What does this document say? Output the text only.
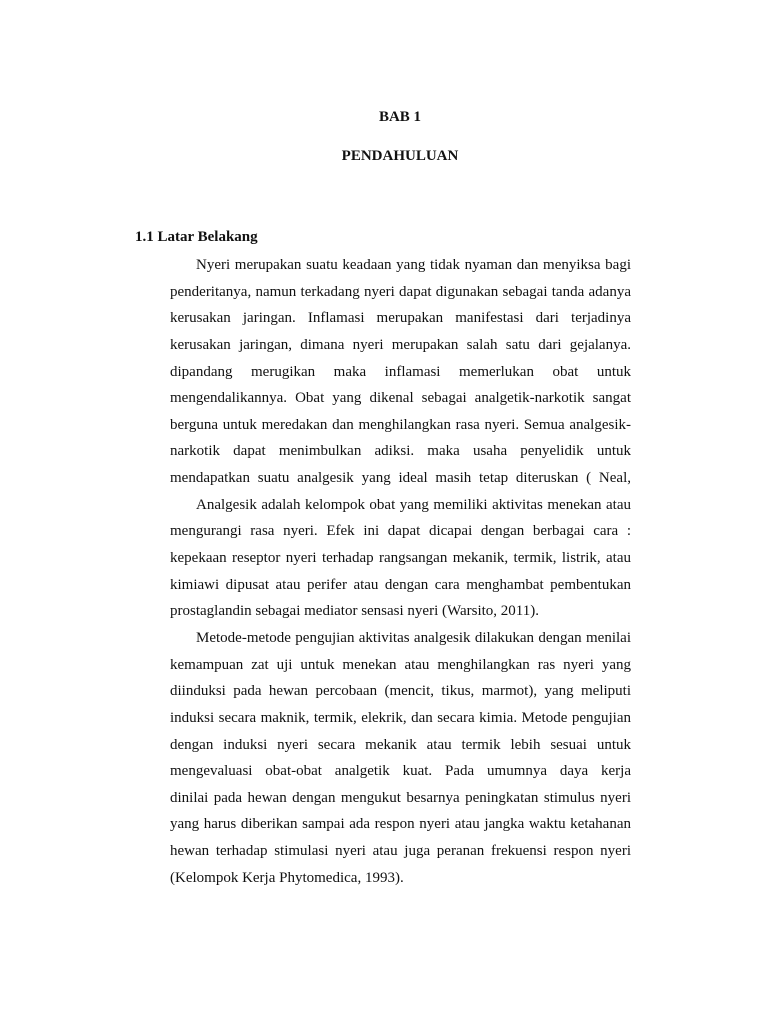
BAB 1
PENDAHULUAN
1.1 Latar Belakang
Nyeri merupakan suatu keadaan yang tidak nyaman dan menyiksa bagi
penderitanya, namun terkadang nyeri dapat digunakan sebagai tanda adanya
kerusakan jaringan. Inflamasi merupakan manifestasi dari terjadinya
kerusakan jaringan, dimana nyeri merupakan salah satu dari gejalanya.
dipandang merugikan maka inflamasi memerlukan obat untuk
mengendalikannya. Obat yang dikenal sebagai analgetik-narkotik sangat
berguna untuk meredakan dan menghilangkan rasa nyeri. Semua analgesik-
narkotik dapat menimbulkan adiksi. maka usaha penyelidik untuk
mendapatkan suatu analgesik yang ideal masih tetap diteruskan ( Neal,
Analgesik adalah kelompok obat yang memiliki aktivitas menekan atau
mengurangi rasa nyeri. Efek ini dapat dicapai dengan berbagai cara :
kepekaan reseptor nyeri terhadap rangsangan mekanik, termik, listrik, atau
kimiawi dipusat atau perifer atau dengan cara menghambat pembentukan
prostaglandin sebagai mediator sensasi nyeri (Warsito, 2011).
Metode-metode pengujian aktivitas analgesik dilakukan dengan menilai
kemampuan zat uji untuk menekan atau menghilangkan ras nyeri yang
diinduksi pada hewan percobaan (mencit, tikus, marmot), yang meliputi
induksi secara maknik, termik, elekrik, dan secara kimia. Metode pengujian
dengan induksi nyeri secara mekanik atau termik lebih sesuai untuk
mengevaluasi obat-obat analgetik kuat. Pada umumnya daya kerja
dinilai pada hewan dengan mengukut besarnya peningkatan stimulus nyeri
yang harus diberikan sampai ada respon nyeri atau jangka waktu ketahanan
hewan terhadap stimulasi nyeri atau juga peranan frekuensi respon nyeri
(Kelompok Kerja Phytomedica, 1993).
